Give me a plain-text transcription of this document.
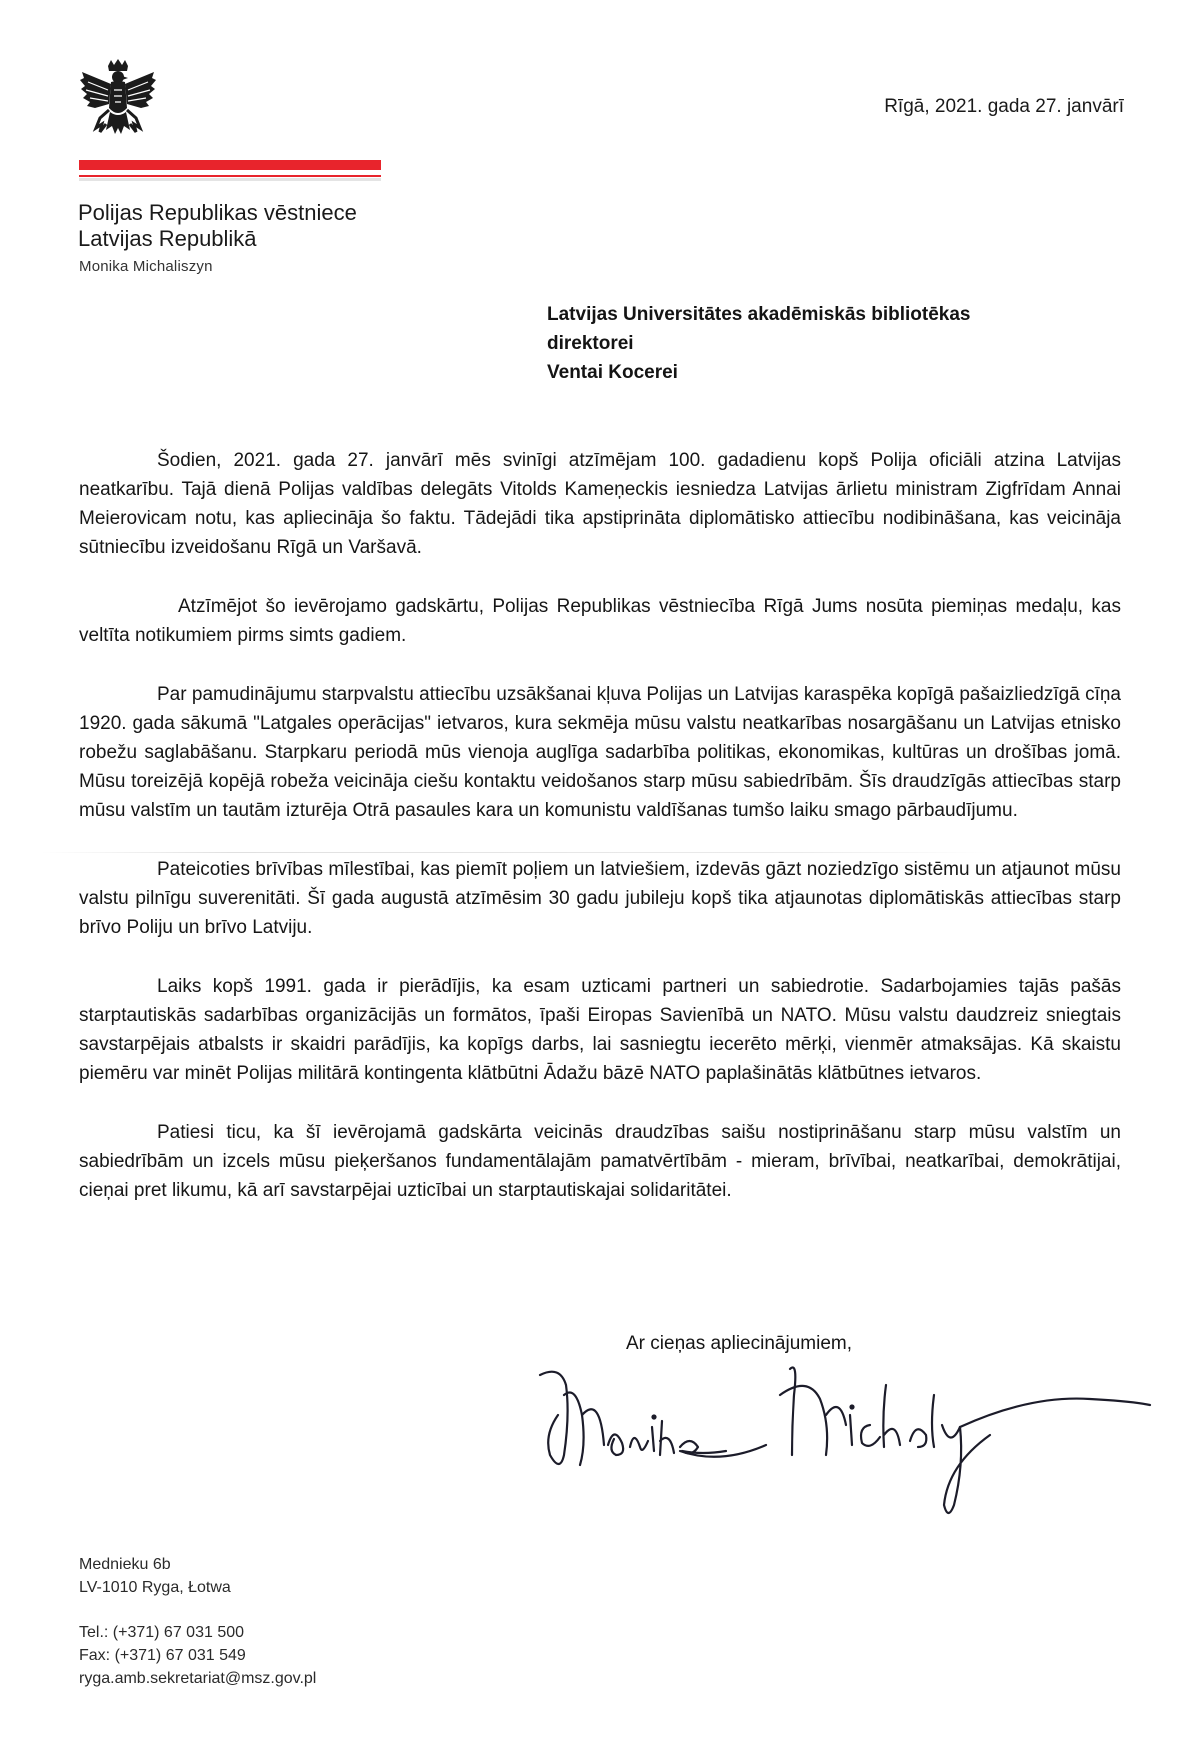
Polijas Republikas vēstniece
Latvijas Republikā
Monika Michaliszyn
Rīgā, 2021. gada 27. janvārī
Latvijas Universitātes akadēmiskās bibliotēkas
direktorei
Ventai Kocerei

Šodien, 2021. gada 27. janvārī mēs svinīgi atzīmējam 100. gadadienu kopš Polija oficiāli atzina Latvijas neatkarību. Tajā dienā Polijas valdības delegāts Vitolds Kameņeckis iesniedza Latvijas ārlietu ministram Zigfrīdam Annai Meierovicam notu, kas apliecināja šo faktu. Tādejādi tika apstiprināta diplomātisko attiecību nodibināšana, kas veicināja sūtniecību izveidošanu Rīgā un Varšavā.

Atzīmējot šo ievērojamo gadskārtu, Polijas Republikas vēstniecība Rīgā Jums nosūta piemiņas medaļu, kas veltīta notikumiem pirms simts gadiem.

Par pamudinājumu starpvalstu attiecību uzsākšanai kļuva Polijas un Latvijas karaspēka kopīgā pašaizliedzīgā cīņa 1920. gada sākumā "Latgales operācijas" ietvaros, kura sekmēja mūsu valstu neatkarības nosargāšanu un Latvijas etnisko robežu saglabāšanu. Starpkaru periodā mūs vienoja auglīga sadarbība politikas, ekonomikas, kultūras un drošības jomā. Mūsu toreizējā kopējā robeža veicināja ciešu kontaktu veidošanos starp mūsu sabiedrībām. Šīs draudzīgās attiecības starp mūsu valstīm un tautām izturēja Otrā pasaules kara un komunistu valdīšanas tumšo laiku smago pārbaudījumu.

Pateicoties brīvības mīlestībai, kas piemīt poļiem un latviešiem, izdevās gāzt noziedzīgo sistēmu un atjaunot mūsu valstu pilnīgu suverenitāti. Šī gada augustā atzīmēsim 30 gadu jubileju kopš tika atjaunotas diplomātiskās attiecības starp brīvo Poliju un brīvo Latviju.

Laiks kopš 1991. gada ir pierādījis, ka esam uzticami partneri un sabiedrotie. Sadarbojamies tajās pašās starptautiskās sadarbības organizācijās un formātos, īpaši Eiropas Savienībā un NATO. Mūsu valstu daudzreiz sniegtais savstarpējais atbalsts ir skaidri parādījis, ka kopīgs darbs, lai sasniegtu iecerēto mērķi, vienmēr atmaksājas. Kā skaistu piemēru var minēt Polijas militārā kontingenta klātbūtni Ādažu bāzē NATO paplašinātās klātbūtnes ietvaros.

Patiesi ticu, ka šī ievērojamā gadskārta veicinās draudzības saišu nostiprināšanu starp mūsu valstīm un sabiedrībām un izcels mūsu pieķeršanos fundamentālajām pamatvērtībām - mieram, brīvībai, neatkarībai, demokrātijai, cieņai pret likumu, kā arī savstarpējai uzticībai un starptautiskajai solidaritātei.

Ar cieņas apliecinājumiem,
Mednieku 6b
LV-1010 Ryga, Łotwa
Tel.: (+371) 67 031 500
Fax: (+371) 67 031 549
ryga.amb.sekretariat@msz.gov.pl
